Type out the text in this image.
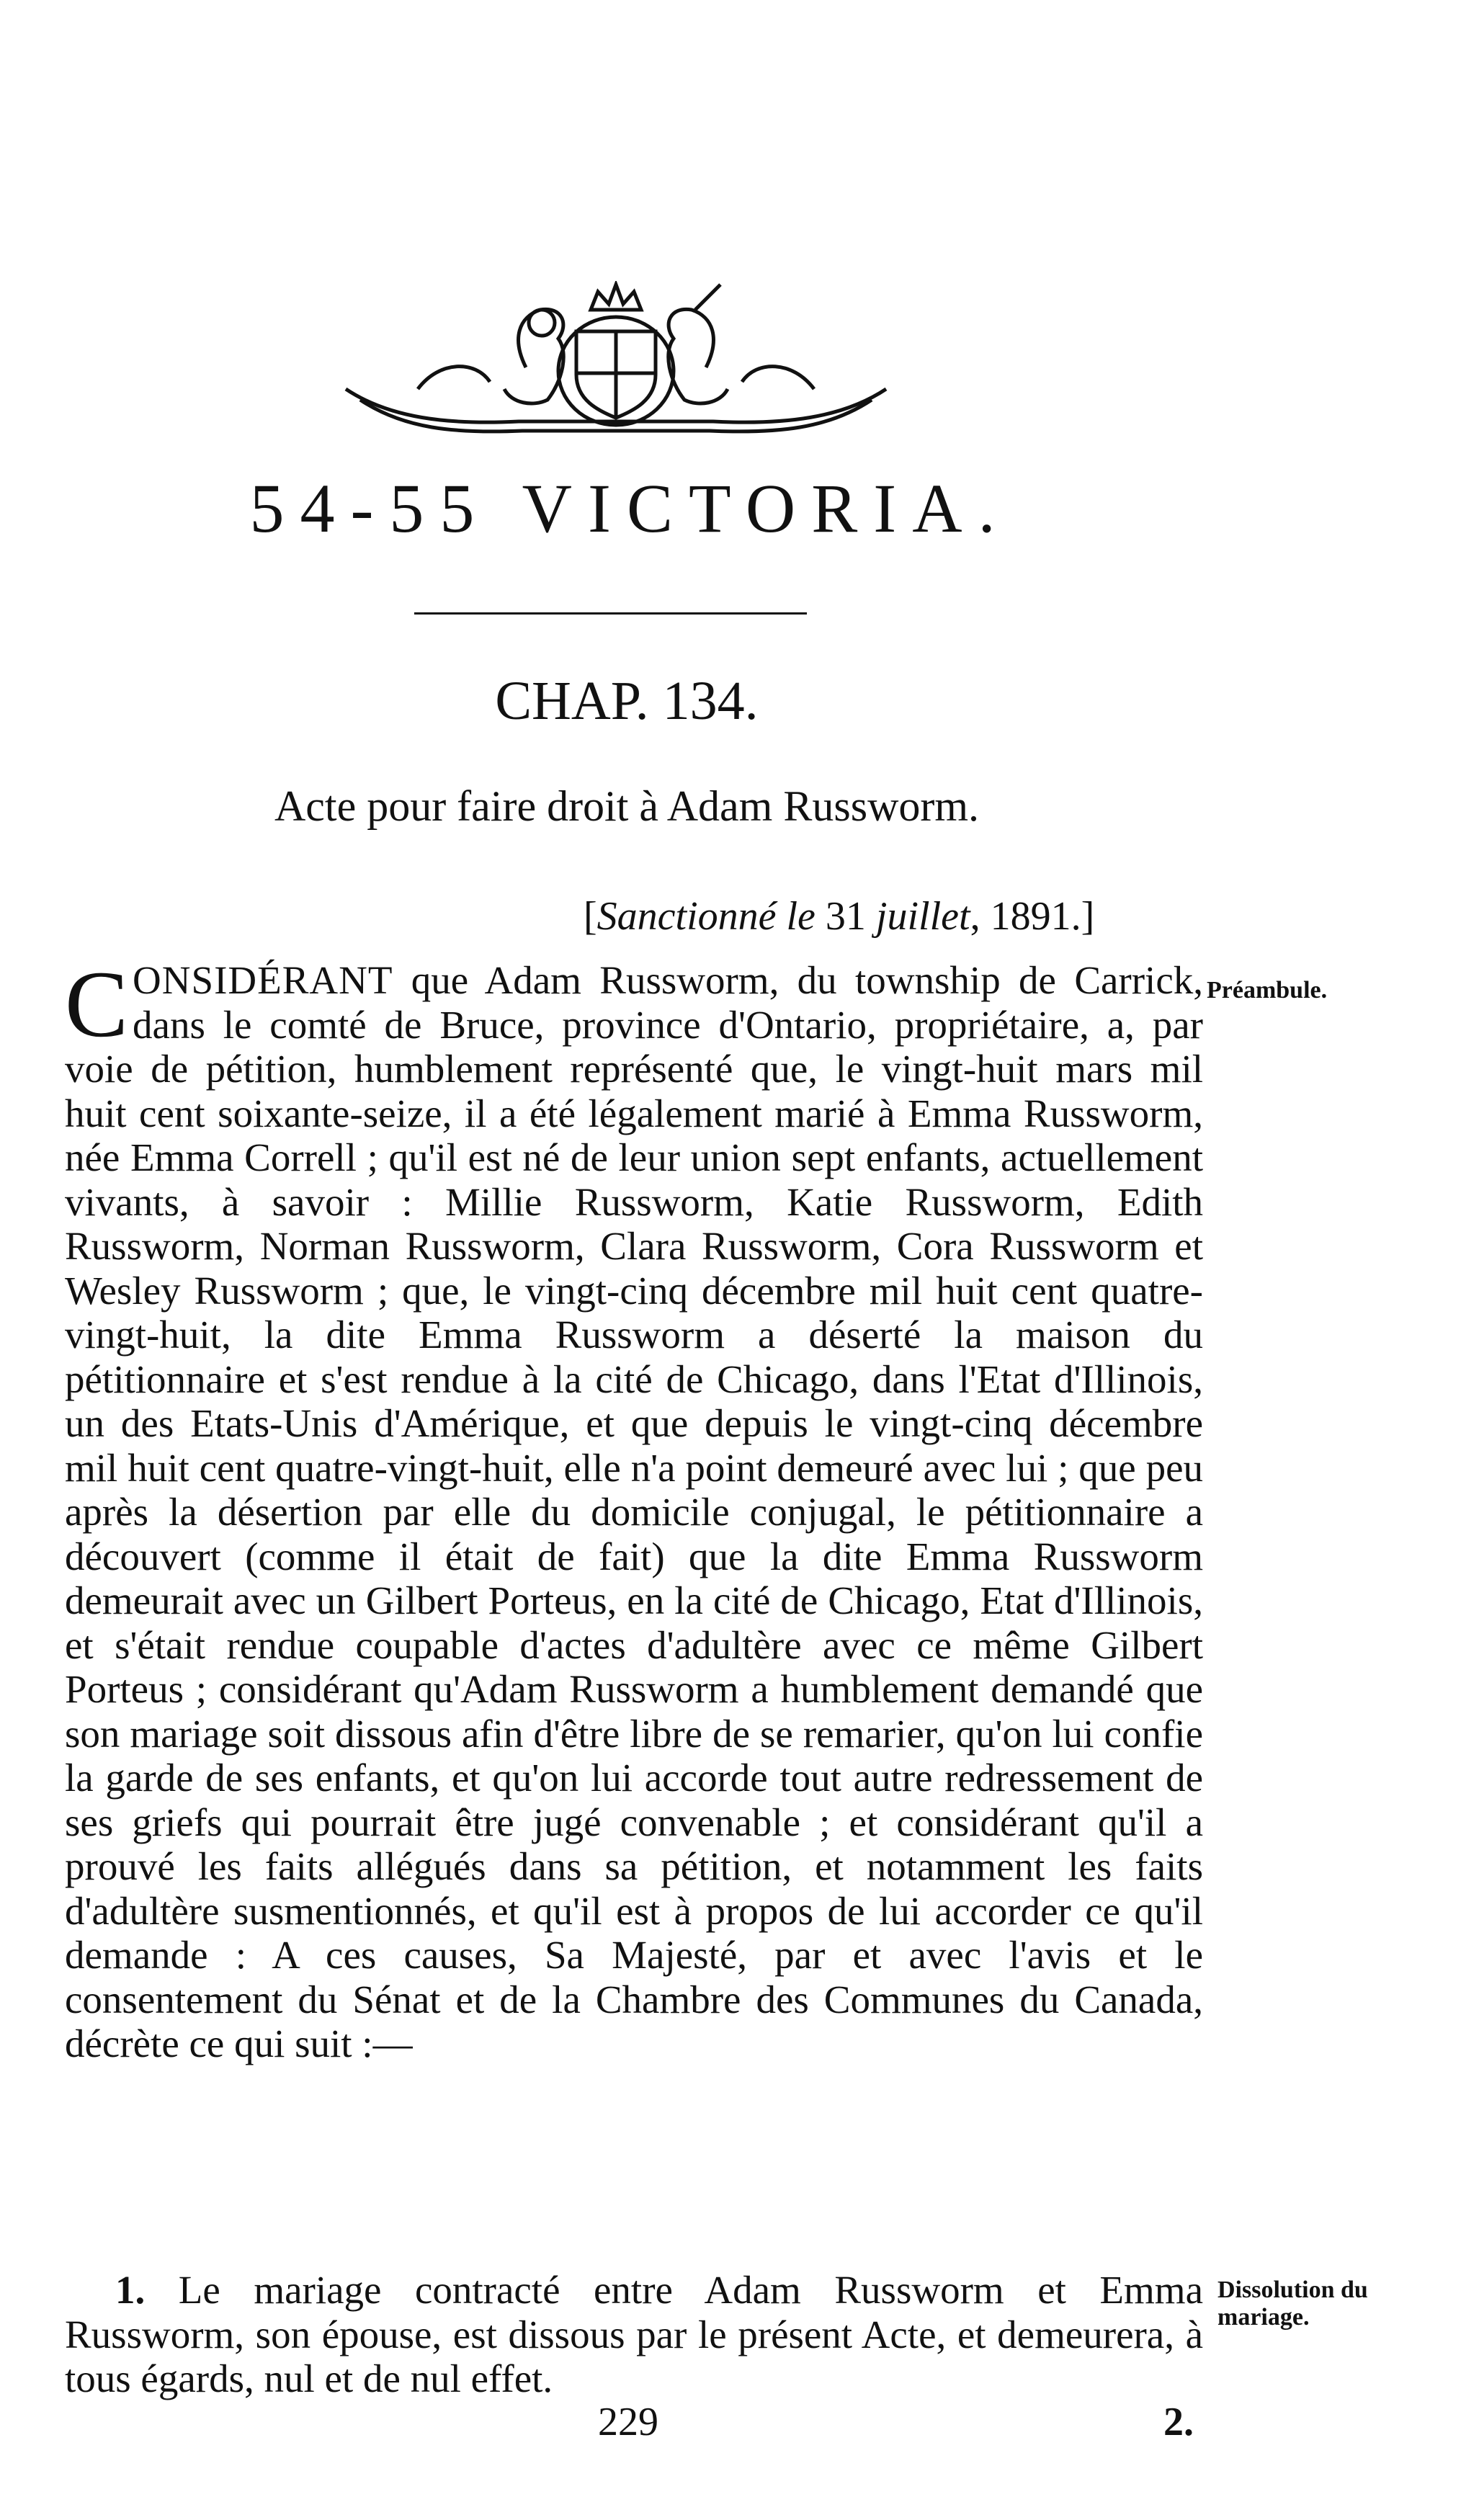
54-55 VICTORIA.
CHAP. 134.
Acte pour faire droit à Adam Russworm.
[Sanctionné le 31 juillet, 1891.]

CONSIDÉRANT que Adam Russworm, du township de Carrick, dans le comté de Bruce, province d'Ontario, propriétaire, a, par voie de pétition, humblement représenté que, le vingt-huit mars mil huit cent soixante-seize, il a été légalement marié à Emma Russworm, née Emma Correll ; qu'il est né de leur union sept enfants, actuellement vivants, à savoir : Millie Russworm, Katie Russworm, Edith Russworm, Norman Russworm, Clara Russworm, Cora Russworm et Wesley Russworm ; que, le vingt-cinq décembre mil huit cent quatre-vingt-huit, la dite Emma Russworm a déserté la maison du pétitionnaire et s'est rendue à la cité de Chicago, dans l'Etat d'Illinois, un des Etats-Unis d'Amérique, et que depuis le vingt-cinq décembre mil huit cent quatre-vingt-huit, elle n'a point demeuré avec lui ; que peu après la désertion par elle du domicile conjugal, le pétitionnaire a découvert (comme il était de fait) que la dite Emma Russworm demeurait avec un Gilbert Porteus, en la cité de Chicago, Etat d'Illinois, et s'était rendue coupable d'actes d'adultère avec ce même Gilbert Porteus ; considérant qu'Adam Russworm a humblement demandé que son mariage soit dissous afin d'être libre de se remarier, qu'on lui confie la garde de ses enfants, et qu'on lui accorde tout autre redressement de ses griefs qui pourrait être jugé convenable ; et considérant qu'il a prouvé les faits allégués dans sa pétition, et notamment les faits d'adultère susmentionnés, et qu'il est à propos de lui accorder ce qu'il demande : A ces causes, Sa Majesté, par et avec l'avis et le consentement du Sénat et de la Chambre des Communes du Canada, décrète ce qui suit :—

Préambule.

1. Le mariage contracté entre Adam Russworm et Emma Russworm, son épouse, est dissous par le présent Acte, et demeurera, à tous égards, nul et de nul effet.

Dissolution du mariage.
229	2.
